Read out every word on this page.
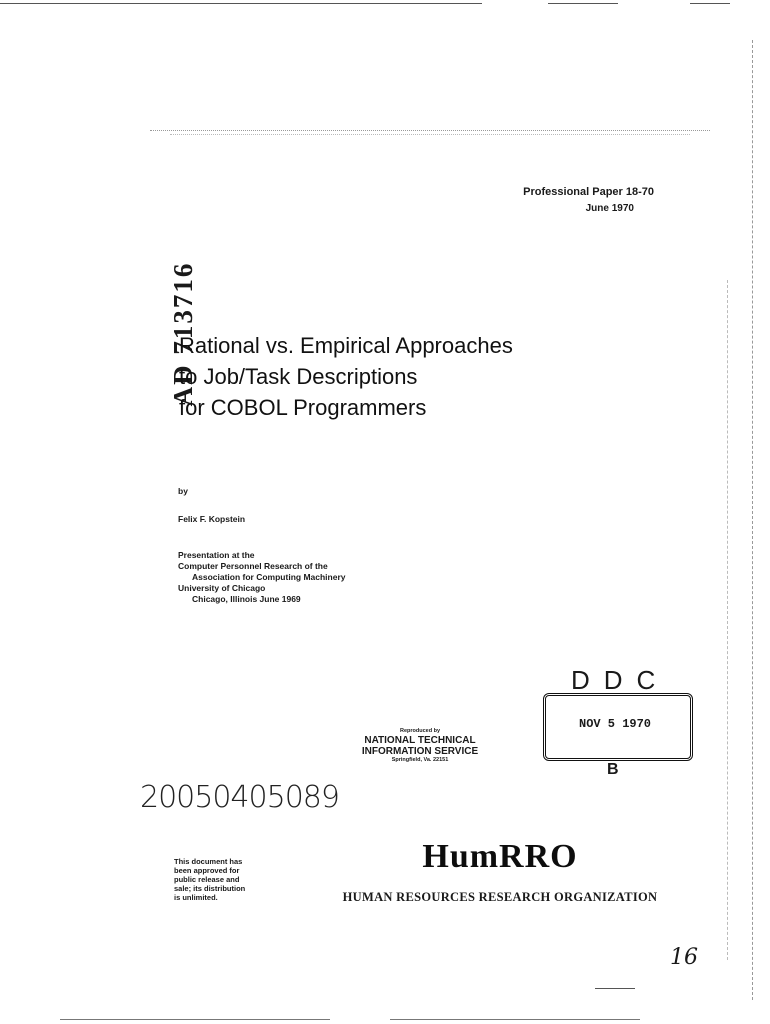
Professional Paper 18-70
June 1970
AD 713716
Rational vs. Empirical Approaches
to Job/Task Descriptions
for COBOL Programmers
by
Felix F. Kopstein
Presentation at the
Computer Personnel Research of the
Association for Computing Machinery
University of Chicago
Chicago, Illinois June 1969
Reproduced by
NATIONAL TECHNICAL
INFORMATION SERVICE
Springfield, Va. 22151
DDC
NOV 5 1970
B
20050405089
This document has
been approved for
public release and
sale; its distribution
is unlimited.
HumRRO
HUMAN RESOURCES RESEARCH ORGANIZATION
16
